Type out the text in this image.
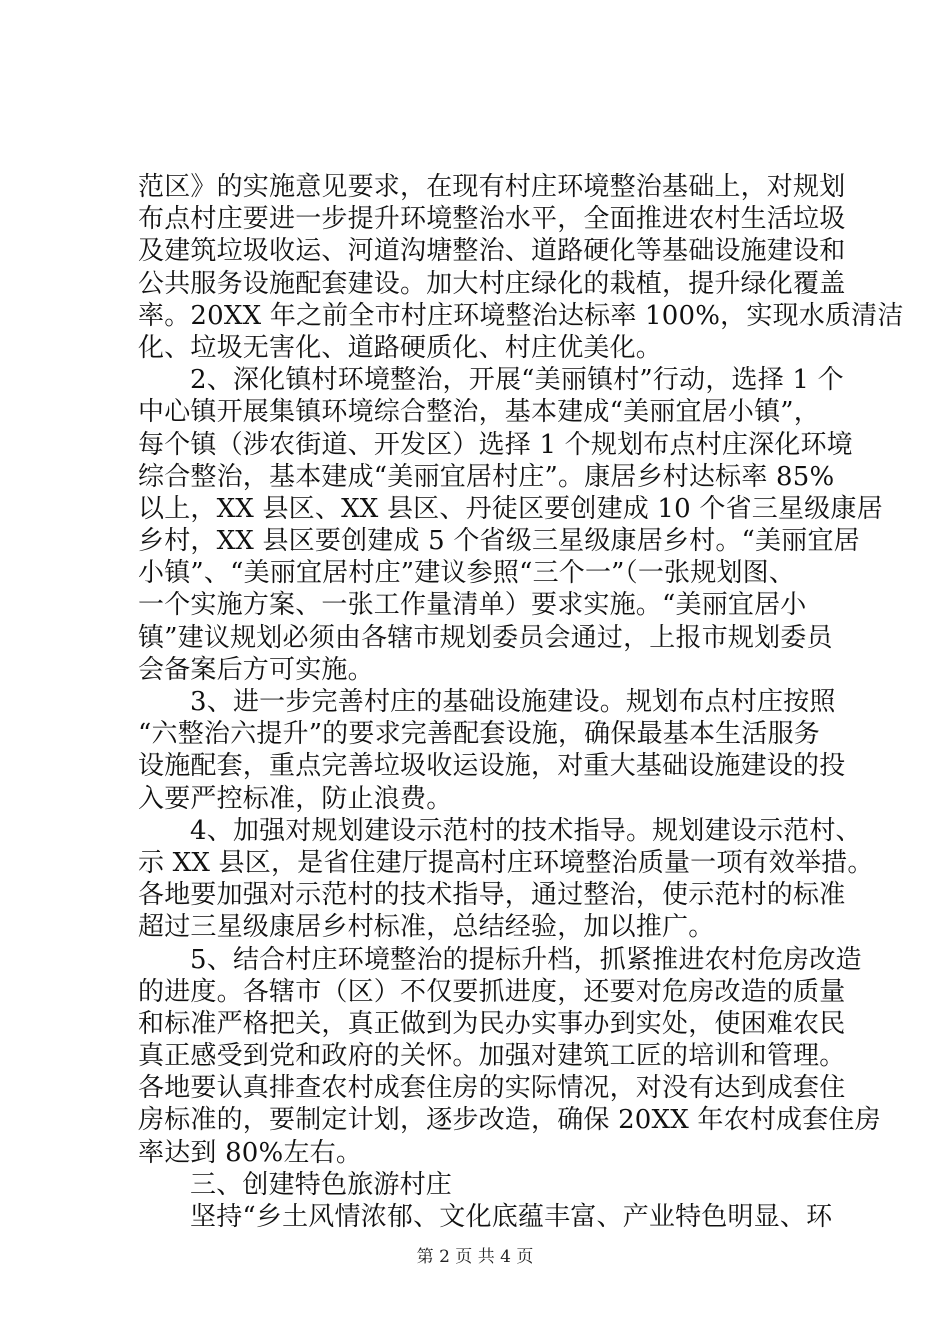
范区》的实施意见要求，在现有村庄环境整治基础上，对规划
布点村庄要进一步提升环境整治水平，全面推进农村生活垃圾
及建筑垃圾收运、河道沟塘整治、道路硬化等基础设施建设和
公共服务设施配套建设。加大村庄绿化的栽植，提升绿化覆盖
率。20XX 年之前全市村庄环境整治达标率 100%，实现水质清洁
化、垃圾无害化、道路硬质化、村庄优美化。
2、深化镇村环境整治，开展“美丽镇村”行动，选择 1 个
中心镇开展集镇环境综合整治，基本建成“美丽宜居小镇”，
每个镇（涉农街道、开发区）选择 1 个规划布点村庄深化环境
综合整治，基本建成“美丽宜居村庄”。康居乡村达标率 85%
以上，XX 县区、XX 县区、丹徒区要创建成 10 个省三星级康居
乡村，XX 县区要创建成 5 个省级三星级康居乡村。“美丽宜居
小镇”、“美丽宜居村庄”建议参照“三个一”（一张规划图、
一个实施方案、一张工作量清单）要求实施。“美丽宜居小
镇”建议规划必须由各辖市规划委员会通过，上报市规划委员
会备案后方可实施。
3、进一步完善村庄的基础设施建设。规划布点村庄按照
“六整治六提升”的要求完善配套设施，确保最基本生活服务
设施配套，重点完善垃圾收运设施，对重大基础设施建设的投
入要严控标准，防止浪费。
4、加强对规划建设示范村的技术指导。规划建设示范村、
示 XX 县区，是省住建厅提高村庄环境整治质量一项有效举措。
各地要加强对示范村的技术指导，通过整治，使示范村的标准
超过三星级康居乡村标准，总结经验，加以推广。
5、结合村庄环境整治的提标升档，抓紧推进农村危房改造
的进度。各辖市（区）不仅要抓进度，还要对危房改造的质量
和标准严格把关，真正做到为民办实事办到实处，使困难农民
真正感受到党和政府的关怀。加强对建筑工匠的培训和管理。
各地要认真排查农村成套住房的实际情况，对没有达到成套住
房标准的，要制定计划，逐步改造，确保 20XX 年农村成套住房
率达到 80%左右。
三、创建特色旅游村庄
坚持“乡土风情浓郁、文化底蕴丰富、产业特色明显、环
第 2 页 共 4 页
